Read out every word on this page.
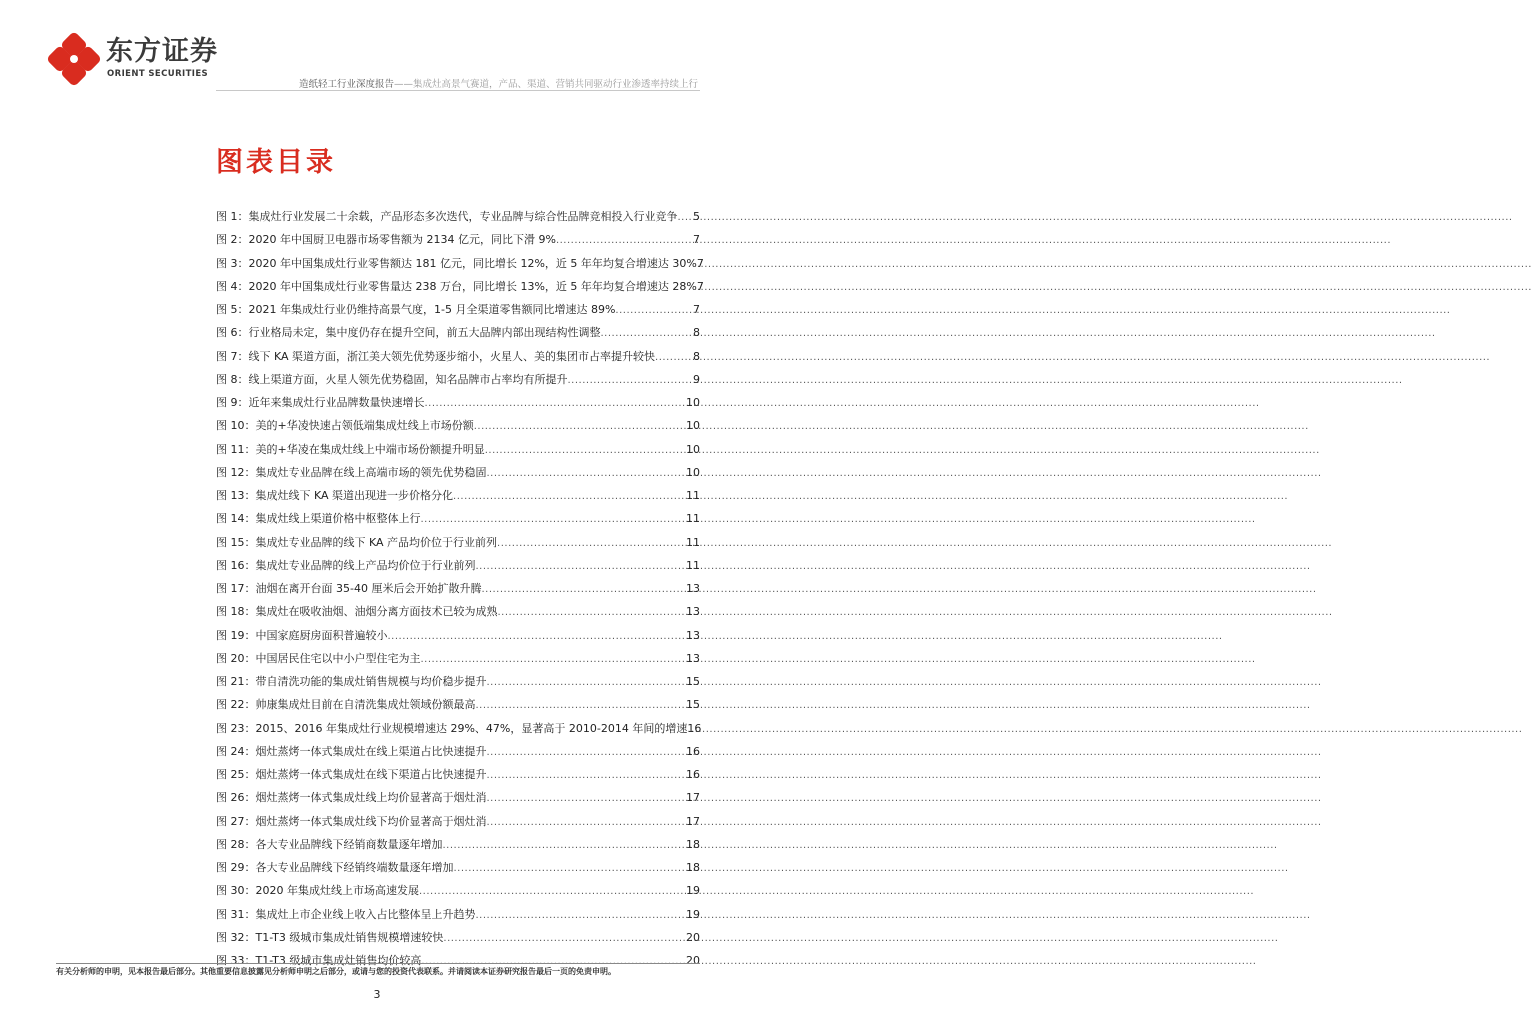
东方证券
ORIENT SECURITIES
造纸轻工行业深度报告——集成灶高景气赛道，产品、渠道、营销共同驱动行业渗透率持续上行
图表目录
图 1： 集成灶行业发展二十余载，产品形态多次迭代，专业品牌与综合性品牌竞相投入行业竞争 ..... 5
图 2： 2020 年中国厨卫电器市场零售额为 2134 亿元，同比下滑 9% .....	7
图 3： 2020 年中国集成灶行业零售额达 181 亿元，同比增长 12%，近 5 年年均复合增速达 30% 7
图 4： 2020 年中国集成灶行业零售量达 238 万台，同比增长 13%，近 5 年年均复合增速达 28% 7
图 5： 2021 年集成灶行业仍维持高景气度，1-5 月全渠道零售额同比增速达 89% .....	7
图 6： 行业格局未定，集中度仍存在提升空间，前五大品牌内部出现结构性调整 .....	8
图 7： 线下 KA 渠道方面，浙江美大领先优势逐步缩小，火星人、美的集团市占率提升较快 .....	8
图 8： 线上渠道方面，火星人领先优势稳固，知名品牌市占率均有所提升 .....	9
图 9： 近年来集成灶行业品牌数量快速增长 .....	10
图 10： 美的+华凌快速占领低端集成灶线上市场份额 .....	10
图 11： 美的+华凌在集成灶线上中端市场份额提升明显 .....	10
图 12： 集成灶专业品牌在线上高端市场的领先优势稳固 .....	10
图 13： 集成灶线下 KA 渠道出现进一步价格分化 .....	11
图 14： 集成灶线上渠道价格中枢整体上行 .....	11
图 15： 集成灶专业品牌的线下 KA 产品均价位于行业前列 .....	11
图 16： 集成灶专业品牌的线上产品均价位于行业前列 .....	11
图 17： 油烟在离开台面 35-40 厘米后会开始扩散升腾 .....	13
图 18： 集成灶在吸收油烟、油烟分离方面技术已较为成熟 .....	13
图 19： 中国家庭厨房面积普遍较小 .....	13
图 20： 中国居民住宅以中小户型住宅为主 .....	13
图 21： 带自清洗功能的集成灶销售规模与均价稳步提升 .....	15
图 22： 帅康集成灶目前在自清洗集成灶领域份额最高 .....	15
图 23： 2015、2016 年集成灶行业规模增速达 29%、47%，显著高于 2010-2014 年间的增速 16
图 24： 烟灶蒸烤一体式集成灶在线上渠道占比快速提升 .....	16
图 25： 烟灶蒸烤一体式集成灶在线下渠道占比快速提升 .....	16
图 26： 烟灶蒸烤一体式集成灶线上均价显著高于烟灶消 .....	17
图 27： 烟灶蒸烤一体式集成灶线下均价显著高于烟灶消 .....	17
图 28： 各大专业品牌线下经销商数量逐年增加 .....	18
图 29： 各大专业品牌线下经销终端数量逐年增加 .....	18
图 30： 2020 年集成灶线上市场高速发展 .....	19
图 31： 集成灶上市企业线上收入占比整体呈上升趋势 .....	19
图 32： T1-T3 级城市集成灶销售规模增速较快 .....	20
图 33： T1-T3 级城市集成灶销售均价较高 .....	20
有关分析师的申明，见本报告最后部分。其他重要信息披露见分析师申明之后部分，或请与您的投资代表联系。并请阅读本证券研究报告最后一页的免责申明。
3
